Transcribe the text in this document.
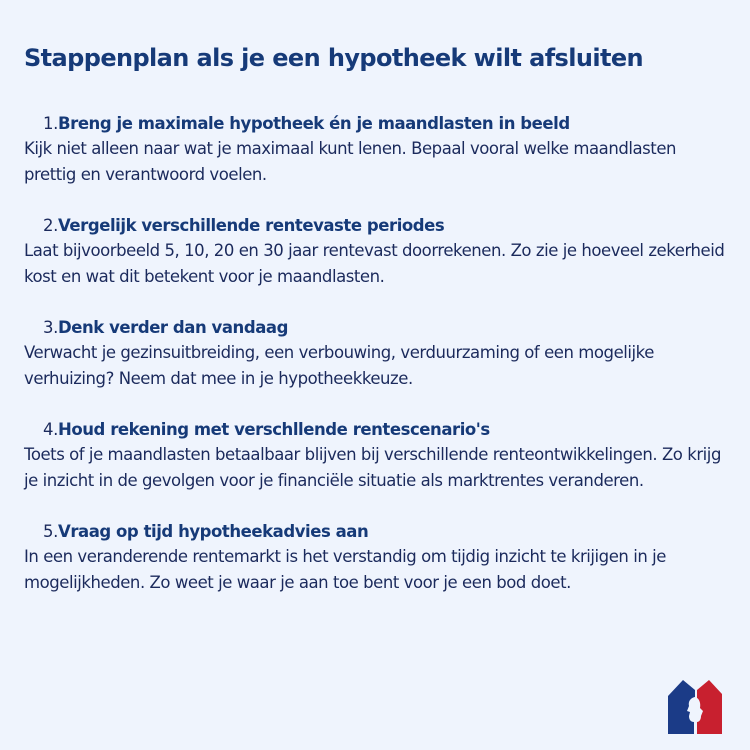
Stappenplan als je een hypotheek wilt afsluiten
1. Breng je maximale hypotheek én je maandlasten in beeld

Kijk niet alleen naar wat je maximaal kunt lenen. Bepaal vooral welke maandlasten prettig en verantwoord voelen.

2. Vergelijk verschillende rentevaste periodes

Laat bijvoorbeeld 5, 10, 20 en 30 jaar rentevast doorrekenen. Zo zie je hoeveel zekerheid kost en wat dit betekent voor je maandlasten.

3. Denk verder dan vandaag

Verwacht je gezinsuitbreiding, een verbouwing, verduurzaming of een mogelijke verhuizing? Neem dat mee in je hypotheekkeuze.

4. Houd rekening met verschllende rentescenario's

Toets of je maandlasten betaalbaar blijven bij verschillende renteontwikkelingen. Zo krijg je inzicht in de gevolgen voor je financiële situatie als marktrentes veranderen.

5. Vraag op tijd hypotheekadvies aan

In een veranderende rentemarkt is het verstandig om tijdig inzicht te krijigen in je mogelijkheden. Zo weet je waar je aan toe bent voor je een bod doet.
